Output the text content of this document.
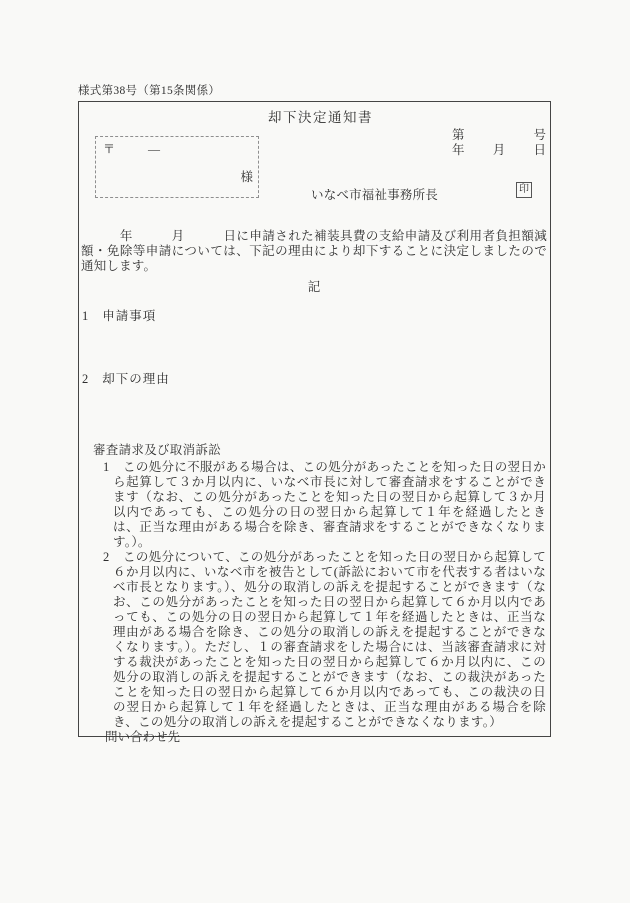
様式第38号（第15条関係）
却下決定通知書
第	号
年 月 日
〒	―
様
いなべ市福祉事務所長	印
　　　年　　　月　　　日に申請された補装具費の支給申請及び利用者負担額減額・免除等申請については、下記の理由により却下することに決定しましたので通知します。
記
1 申請事項
2 却下の理由
審査請求及び取消訴訟
1 この処分に不服がある場合は、この処分があったことを知った日の翌日から起算して３か月以内に、いなべ市長に対して審査請求をすることができます（なお、この処分があったことを知った日の翌日から起算して３か月以内であっても、この処分の日の翌日から起算して１年を経過したときは、正当な理由がある場合を除き、審査請求をすることができなくなります。）。
2 この処分について、この処分があったことを知った日の翌日から起算して６か月以内に、いなべ市を被告として(訴訟において市を代表する者はいなべ市長となります。）、処分の取消しの訴えを提起することができます（なお、この処分があったことを知った日の翌日から起算して６か月以内であっても、この処分の日の翌日から起算して１年を経過したときは、正当な理由がある場合を除き、この処分の取消しの訴えを提起することができなくなります。）。ただし、１の審査請求をした場合には、当該審査請求に対する裁決があったことを知った日の翌日から起算して６か月以内に、この処分の取消しの訴えを提起することができます（なお、この裁決があったことを知った日の翌日から起算して６か月以内であっても、この裁決の日の翌日から起算して１年を経過したときは、正当な理由がある場合を除き、この処分の取消しの訴えを提起することができなくなります。）
問い合わせ先
